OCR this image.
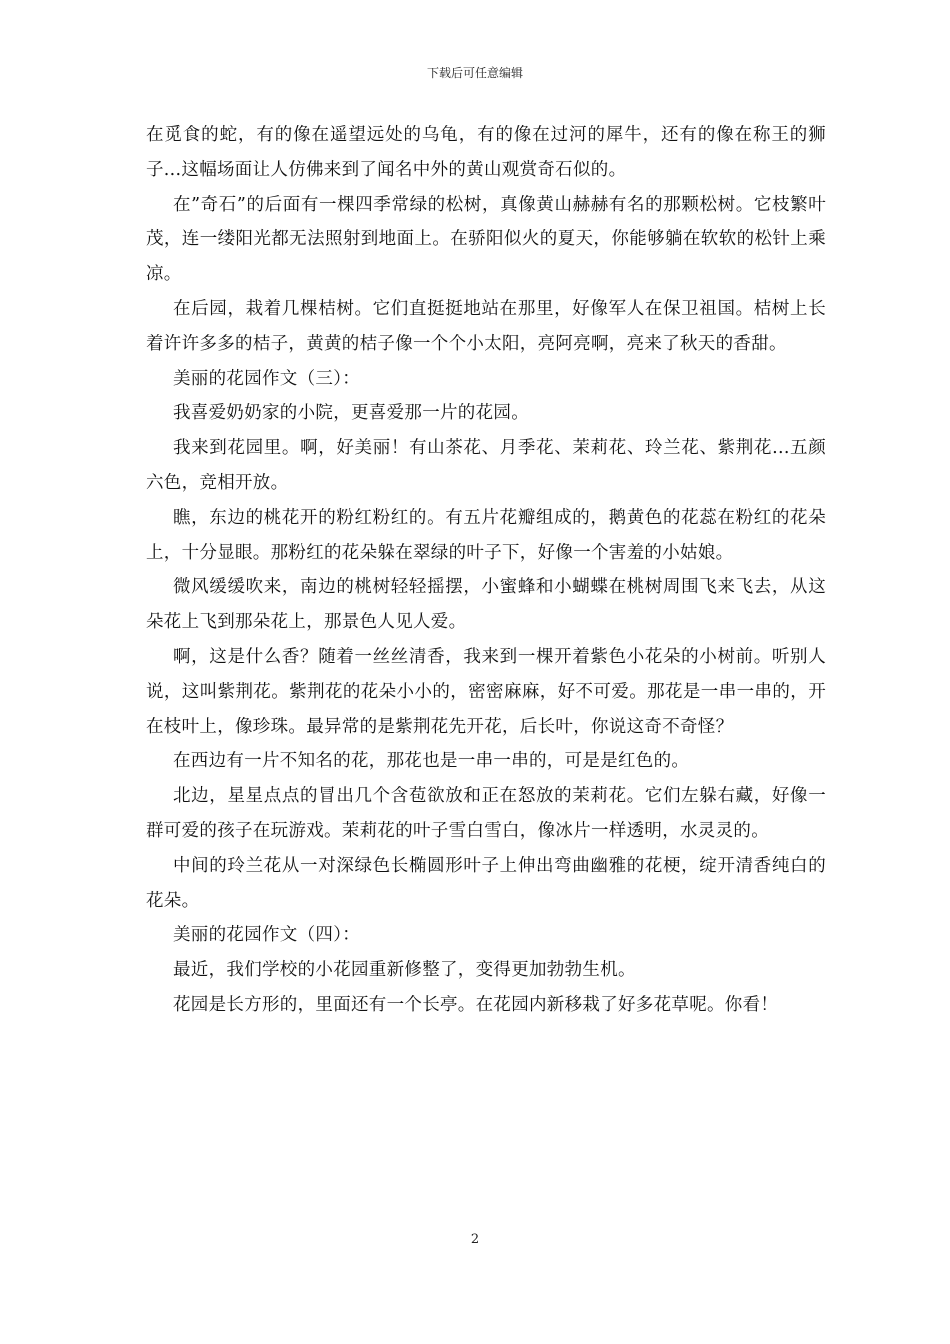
下载后可任意编辑

在觅食的蛇，有的像在遥望远处的乌龟，有的像在过河的犀牛，还有的像在称王的狮子...这幅场面让人仿佛来到了闻名中外的黄山观赏奇石似的。

在”奇石”的后面有一棵四季常绿的松树，真像黄山赫赫有名的那颗松树。它枝繁叶茂，连一缕阳光都无法照射到地面上。在骄阳似火的夏天，你能够躺在软软的松针上乘凉。

在后园，栽着几棵桔树。它们直挺挺地站在那里，好像军人在保卫祖国。桔树上长着许许多多的桔子，黄黄的桔子像一个个小太阳，亮阿亮啊，亮来了秋天的香甜。

美丽的花园作文（三）：

我喜爱奶奶家的小院，更喜爱那一片的花园。

我来到花园里。啊，好美丽！有山茶花、月季花、茉莉花、玲兰花、紫荆花...五颜六色，竞相开放。

瞧，东边的桃花开的粉红粉红的。有五片花瓣组成的，鹅黄色的花蕊在粉红的花朵上，十分显眼。那粉红的花朵躲在翠绿的叶子下，好像一个害羞的小姑娘。

微风缓缓吹来，南边的桃树轻轻摇摆，小蜜蜂和小蝴蝶在桃树周围飞来飞去，从这朵花上飞到那朵花上，那景色人见人爱。

啊，这是什么香？随着一丝丝清香，我来到一棵开着紫色小花朵的小树前。听别人说，这叫紫荆花。紫荆花的花朵小小的，密密麻麻，好不可爱。那花是一串一串的，开在枝叶上，像珍珠。最异常的是紫荆花先开花，后长叶，你说这奇不奇怪？

在西边有一片不知名的花，那花也是一串一串的，可是是红色的。

北边，星星点点的冒出几个含苞欲放和正在怒放的茉莉花。它们左躲右藏，好像一群可爱的孩子在玩游戏。茉莉花的叶子雪白雪白，像冰片一样透明，水灵灵的。

中间的玲兰花从一对深绿色长椭圆形叶子上伸出弯曲幽雅的花梗，绽开清香纯白的花朵。

美丽的花园作文（四）：

最近，我们学校的小花园重新修整了，变得更加勃勃生机。

花园是长方形的，里面还有一个长亭。在花园内新移栽了好多花草呢。你看！

2
